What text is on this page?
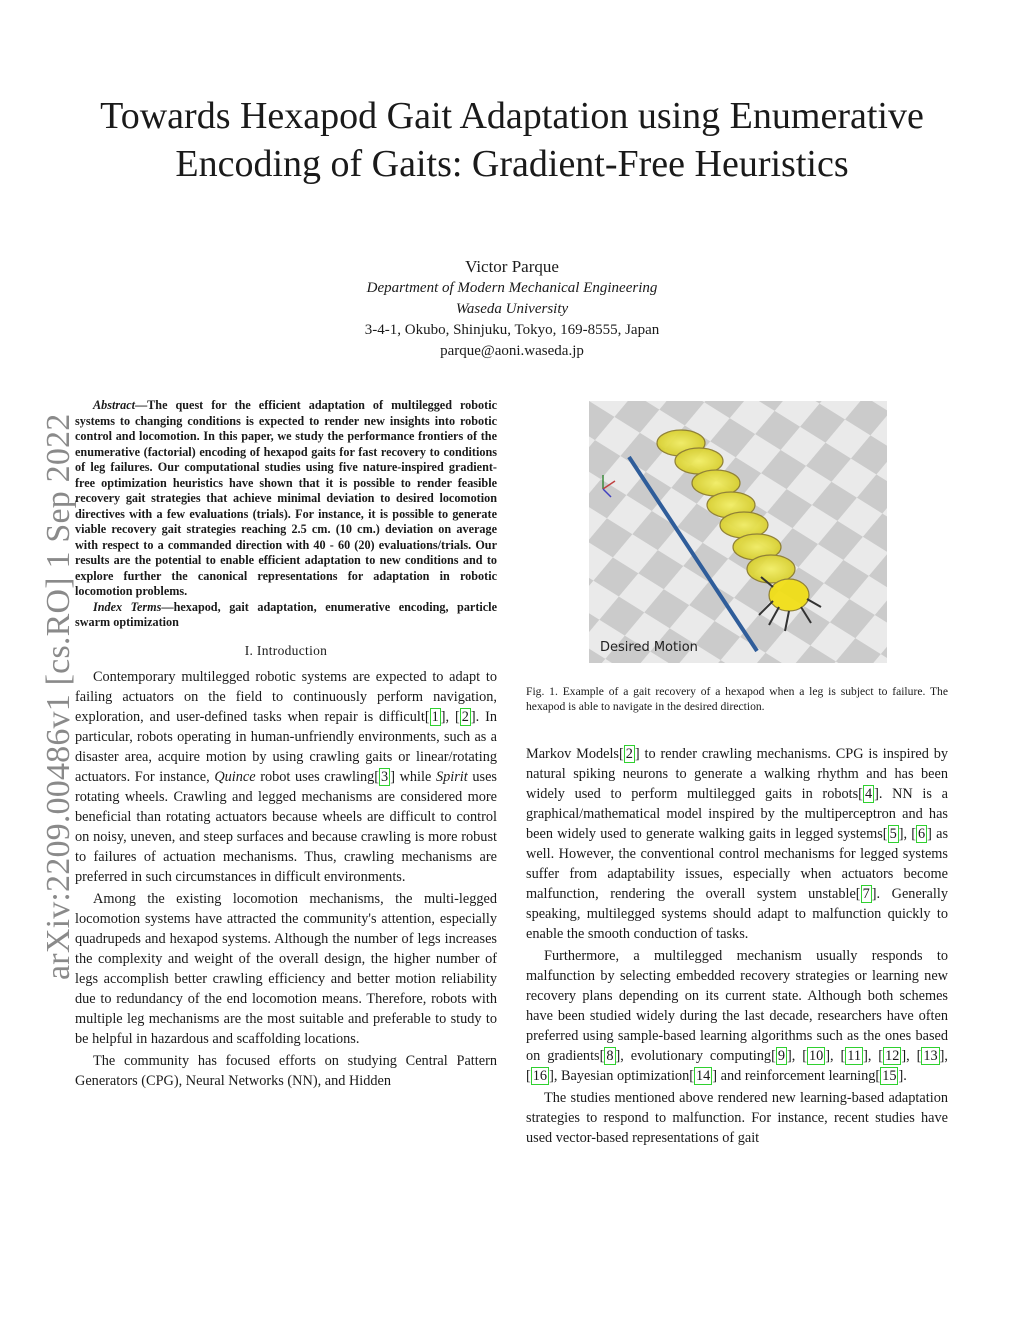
Towards Hexapod Gait Adaptation using Enumerative Encoding of Gaits: Gradient-Free Heuristics
Victor Parque
Department of Modern Mechanical Engineering
Waseda University
3-4-1, Okubo, Shinjuku, Tokyo, 169-8555, Japan
parque@aoni.waseda.jp
arXiv:2209.00486v1 [cs.RO] 1 Sep 2022

Abstract—The quest for the efficient adaptation of multilegged robotic systems to changing conditions is expected to render new insights into robotic control and locomotion. In this paper, we study the performance frontiers of the enumerative (factorial) encoding of hexapod gaits for fast recovery to conditions of leg failures. Our computational studies using five nature-inspired gradient-free optimization heuristics have shown that it is possible to render feasible recovery gait strategies that achieve minimal deviation to desired locomotion directives with a few evaluations (trials). For instance, it is possible to generate viable recovery gait strategies reaching 2.5 cm. (10 cm.) deviation on average with respect to a commanded direction with 40 - 60 (20) evaluations/trials. Our results are the potential to enable efficient adaptation to new conditions and to explore further the canonical representations for adaptation in robotic locomotion problems.

Index Terms—hexapod, gait adaptation, enumerative encoding, particle swarm optimization

I. Introduction

Contemporary multilegged robotic systems are expected to adapt to failing actuators on the field to continuously perform navigation, exploration, and user-defined tasks when repair is difficult[ 1 ], [ 2 ]. In particular, robots operating in human-unfriendly environments, such as a disaster area, acquire motion by using crawling gaits or linear/rotating actuators. For instance, Quince robot uses crawling[ 3 ] while Spirit uses rotating wheels. Crawling and legged mechanisms are considered more beneficial than rotating actuators because wheels are difficult to control on noisy, uneven, and steep surfaces and because crawling is more robust to failures of actuation mechanisms. Thus, crawling mechanisms are preferred in such circumstances in difficult environments.

Among the existing locomotion mechanisms, the multi-legged locomotion systems have attracted the community's attention, especially quadrupeds and hexapod systems. Although the number of legs increases the complexity and weight of the overall design, the higher number of legs accomplish better crawling efficiency and better motion reliability due to redundancy of the end locomotion means. Therefore, robots with multiple leg mechanisms are the most suitable and preferable to study to be helpful in hazardous and scaffolding locations.

The community has focused efforts on studying Central Pattern Generators (CPG), Neural Networks (NN), and Hidden

Desired Motion
Fig. 1. Example of a gait recovery of a hexapod when a leg is subject to failure. The hexapod is able to navigate in the desired direction.

Markov Models[ 2 ] to render crawling mechanisms. CPG is inspired by natural spiking neurons to generate a walking rhythm and has been widely used to perform multilegged gaits in robots[ 4 ]. NN is a graphical/mathematical model inspired by the multiperceptron and has been widely used to generate walking gaits in legged systems[ 5 ], [ 6 ] as well. However, the conventional control mechanisms for legged systems suffer from adaptability issues, especially when actuators become malfunction, rendering the overall system unstable[ 7 ]. Generally speaking, multilegged systems should adapt to malfunction quickly to enable the smooth conduction of tasks.

Furthermore, a multilegged mechanism usually responds to malfunction by selecting embedded recovery strategies or learning new recovery plans depending on its current state. Although both schemes have been studied widely during the last decade, researchers have often preferred using sample-based learning algorithms such as the ones based on gradients[ 8 ], evolutionary computing[ 9 ], [ 10 ], [ 11 ], [ 12 ], [ 13 ], [ 16 ], Bayesian optimization[ 14 ] and reinforcement learning[ 15 ].

The studies mentioned above rendered new learning-based adaptation strategies to respond to malfunction. For instance, recent studies have used vector-based representations of gait
